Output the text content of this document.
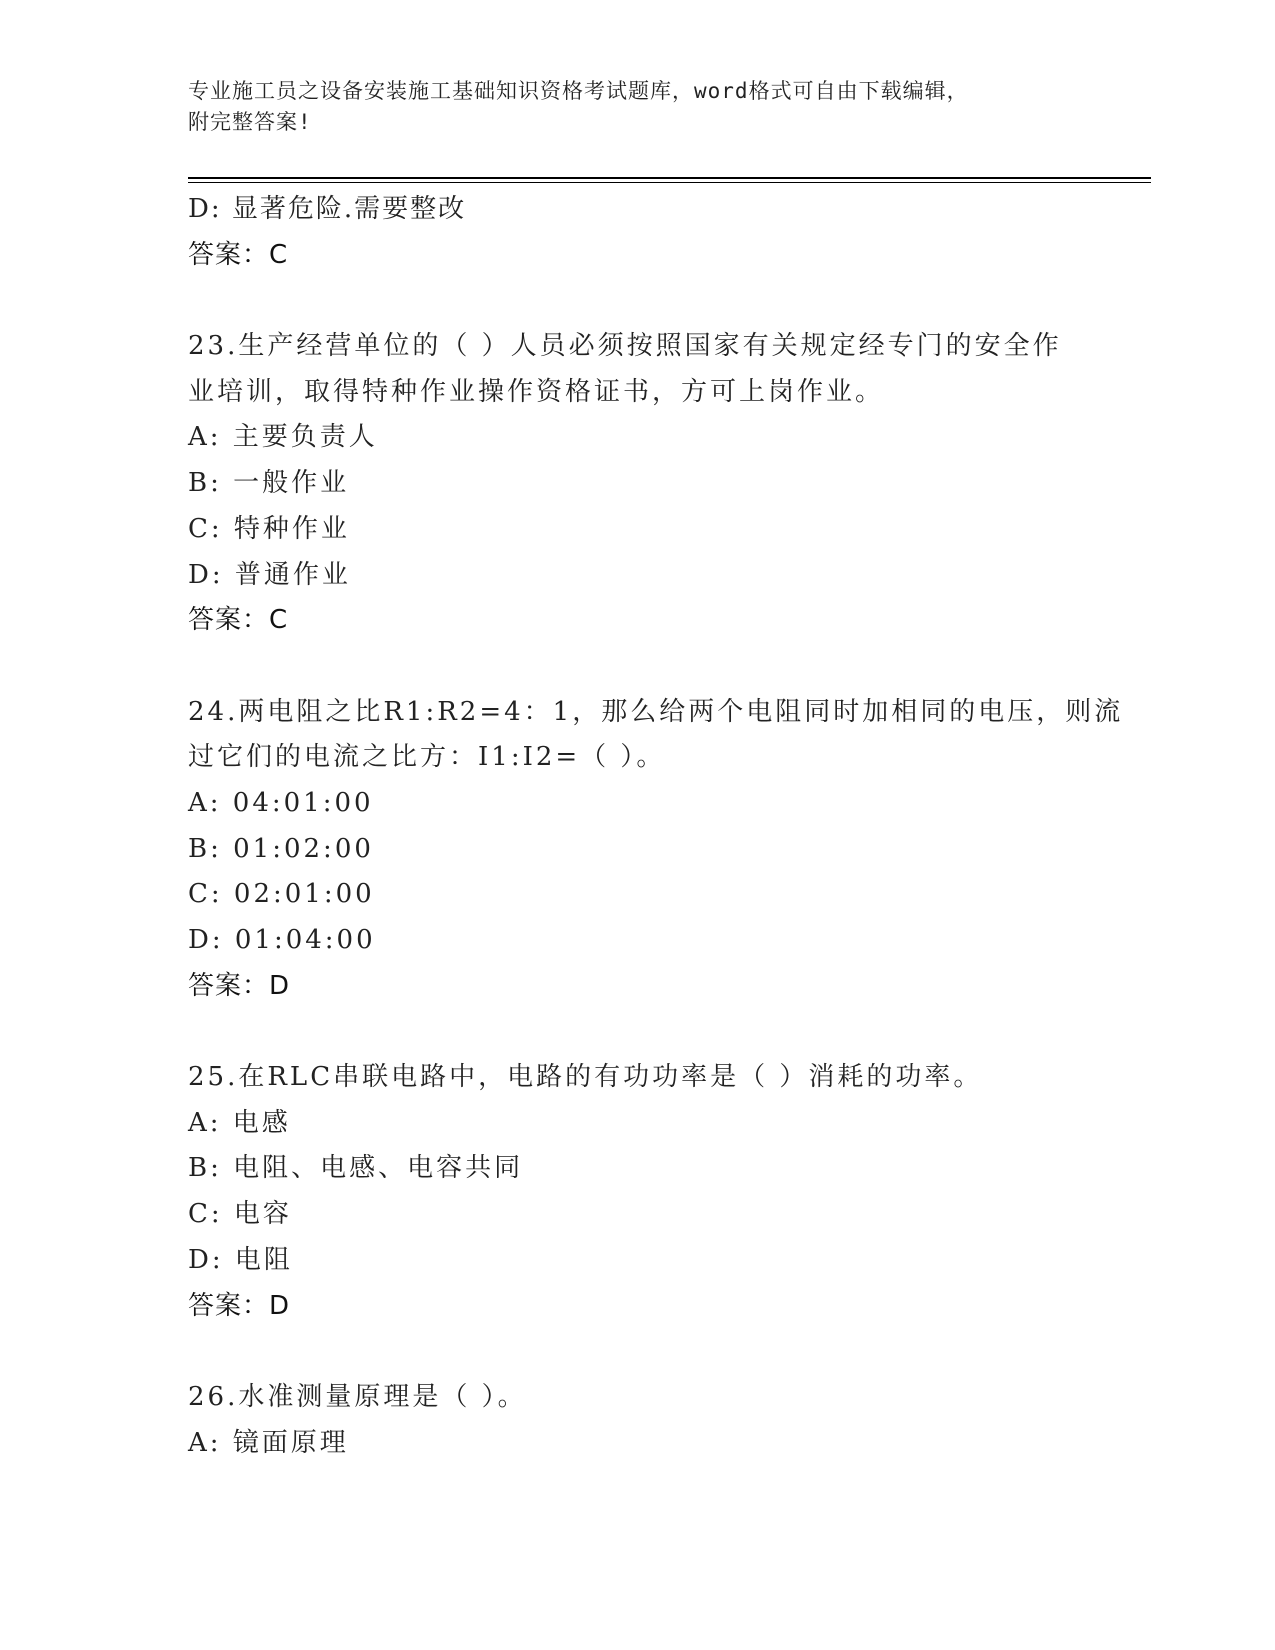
专业施工员之设备安装施工基础知识资格考试题库，word格式可自由下载编辑，
附完整答案!
D: 显著危险.需要整改
答案：C
23.生产经营单位的（ ）人员必须按照国家有关规定经专门的安全作
业培训，取得特种作业操作资格证书，方可上岗作业。
A: 主要负责人
B: 一般作业
C: 特种作业
D: 普通作业
答案：C
24.两电阻之比R1:R2=4：1，那么给两个电阻同时加相同的电压，则流
过它们的电流之比方：I1:I2=（ ）。
A: 04:01:00
B: 01:02:00
C: 02:01:00
D: 01:04:00
答案：D
25.在RLC串联电路中，电路的有功功率是（ ）消耗的功率。
A: 电感
B: 电阻、电感、电容共同
C: 电容
D: 电阻
答案：D
26.水准测量原理是（ ）。
A: 镜面原理
